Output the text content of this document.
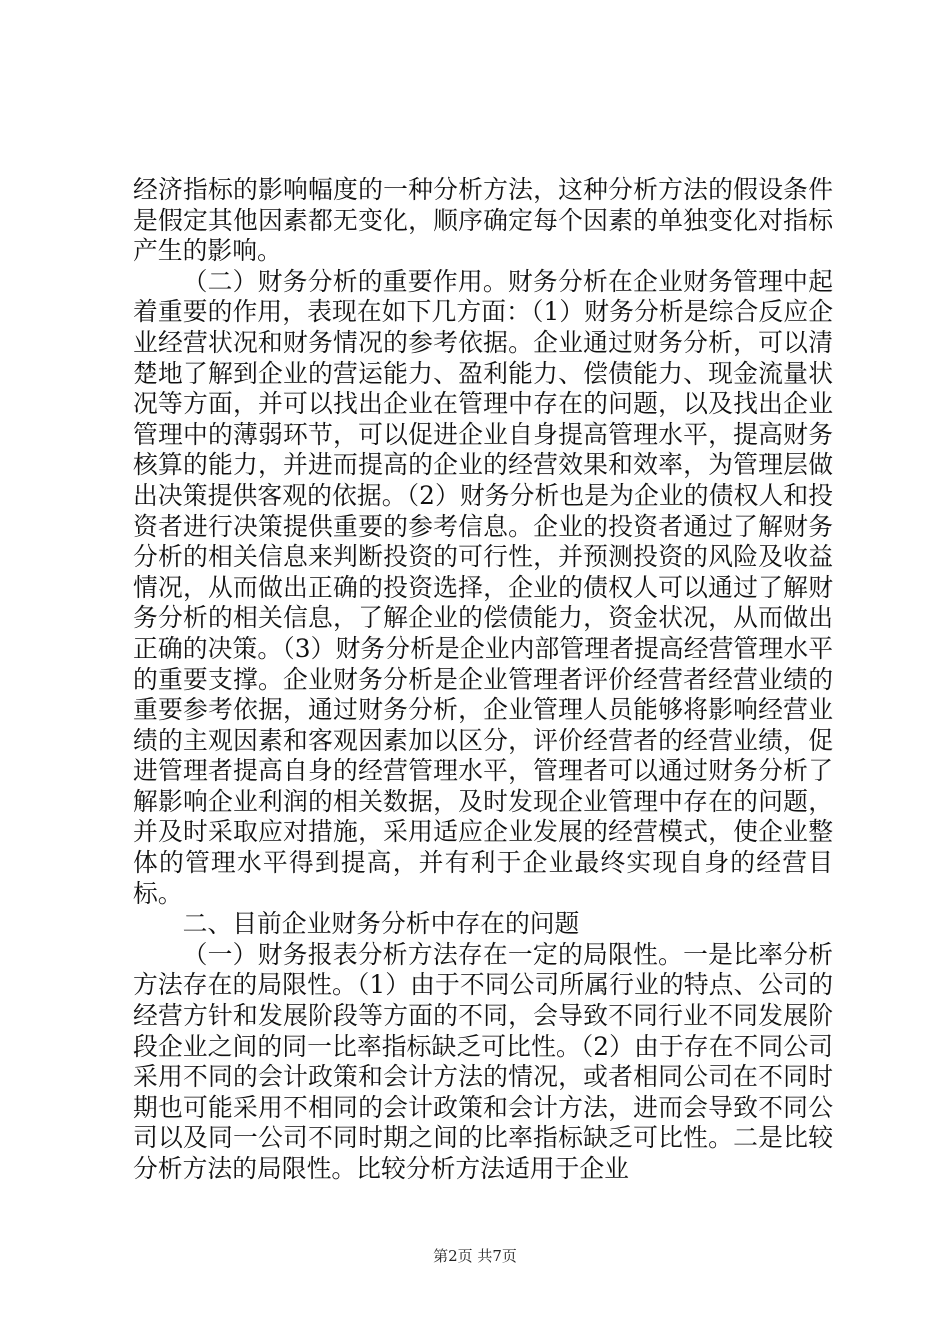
经济指标的影响幅度的一种分析方法，这种分析方法的假设条件是假定其他因素都无变化，顺序确定每个因素的单独变化对指标产生的影响。

（二）财务分析的重要作用。财务分析在企业财务管理中起着重要的作用，表现在如下几方面：（1）财务分析是综合反应企业经营状况和财务情况的参考依据。企业通过财务分析，可以清楚地了解到企业的营运能力、盈利能力、偿债能力、现金流量状况等方面，并可以找出企业在管理中存在的问题，以及找出企业管理中的薄弱环节，可以促进企业自身提高管理水平，提高财务核算的能力，并进而提高的企业的经营效果和效率，为管理层做出决策提供客观的依据。（2）财务分析也是为企业的债权人和投资者进行决策提供重要的参考信息。企业的投资者通过了解财务分析的相关信息来判断投资的可行性，并预测投资的风险及收益情况，从而做出正确的投资选择，企业的债权人可以通过了解财务分析的相关信息，了解企业的偿债能力，资金状况，从而做出正确的决策。（3）财务分析是企业内部管理者提高经营管理水平的重要支撑。企业财务分析是企业管理者评价经营者经营业绩的重要参考依据，通过财务分析，企业管理人员能够将影响经营业绩的主观因素和客观因素加以区分，评价经营者的经营业绩，促进管理者提高自身的经营管理水平，管理者可以通过财务分析了解影响企业利润的相关数据，及时发现企业管理中存在的问题，并及时采取应对措施，采用适应企业发展的经营模式，使企业整体的管理水平得到提高，并有利于企业最终实现自身的经营目标。

二、目前企业财务分析中存在的问题

（一）财务报表分析方法存在一定的局限性。一是比率分析方法存在的局限性。（1）由于不同公司所属行业的特点、公司的经营方针和发展阶段等方面的不同，会导致不同行业不同发展阶段企业之间的同一比率指标缺乏可比性。（2）由于存在不同公司采用不同的会计政策和会计方法的情况，或者相同公司在不同时期也可能采用不相同的会计政策和会计方法，进而会导致不同公司以及同一公司不同时期之间的比率指标缺乏可比性。二是比较分析方法的局限性。比较分析方法适用于企业

第2页 共7页
